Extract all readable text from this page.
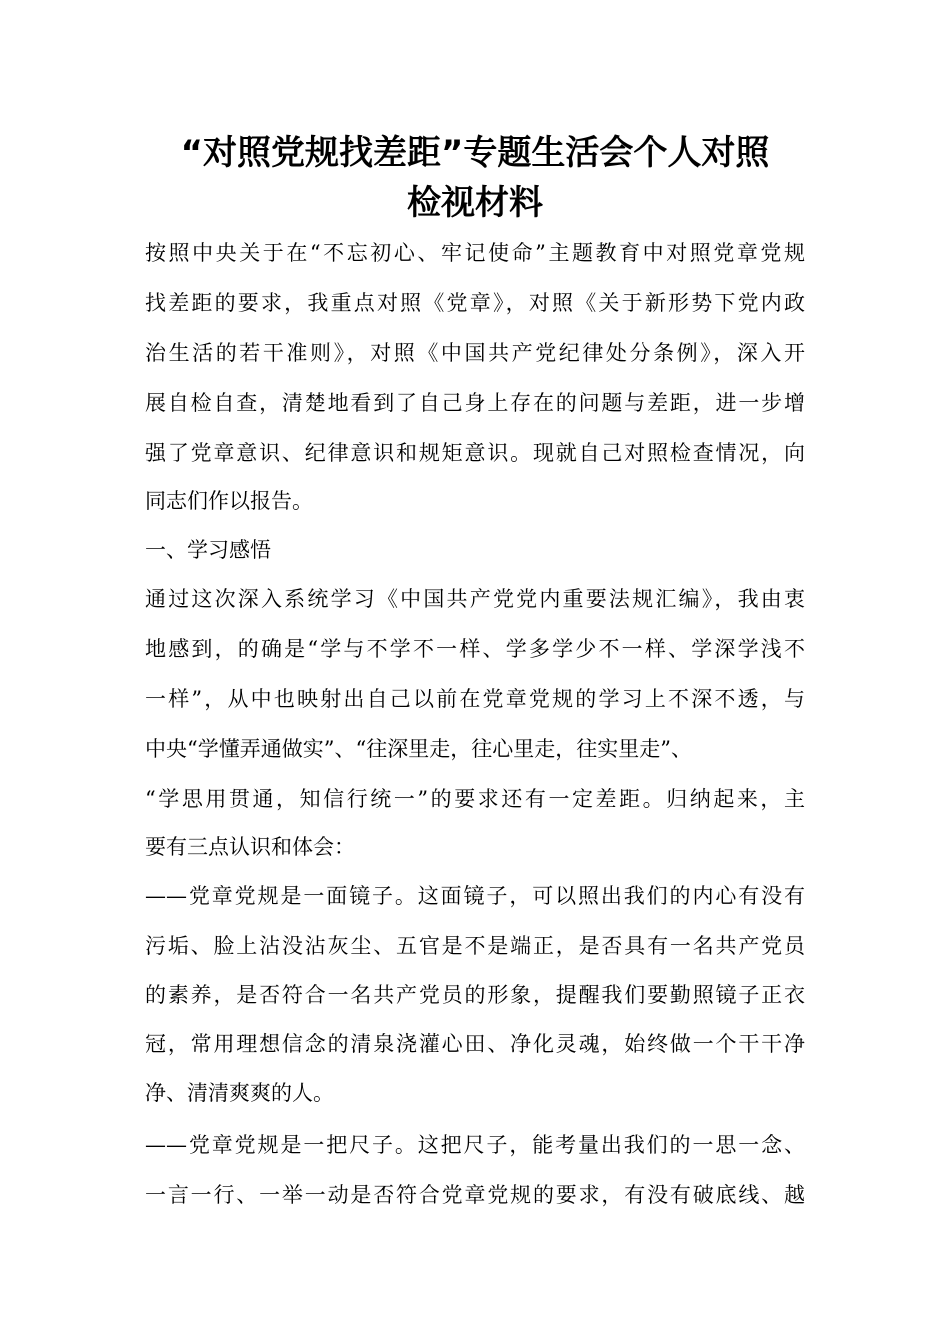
“对照党规找差距”专题生活会个人对照
检视材料

按照中央关于在“不忘初心、牢记使命”主题教育中对照党章党规

找差距的要求，我重点对照《党章》，对照《关于新形势下党内政

治生活的若干准则》，对照《中国共产党纪律处分条例》，深入开

展自检自查，清楚地看到了自己身上存在的问题与差距，进一步增

强了党章意识、纪律意识和规矩意识。现就自己对照检查情况，向

同志们作以报告。

一、学习感悟

通过这次深入系统学习《中国共产党党内重要法规汇编》，我由衷

地感到，的确是“学与不学不一样、学多学少不一样、学深学浅不

一样”，从中也映射出自己以前在党章党规的学习上不深不透，与

中央“学懂弄通做实”、“往深里走，往心里走，往实里走”、

“学思用贯通，知信行统一”的要求还有一定差距。归纳起来，主

要有三点认识和体会：

——党章党规是一面镜子。这面镜子，可以照出我们的内心有没有

污垢、脸上沾没沾灰尘、五官是不是端正，是否具有一名共产党员

的素养，是否符合一名共产党员的形象，提醒我们要勤照镜子正衣

冠，常用理想信念的清泉浇灌心田、净化灵魂，始终做一个干干净

净、清清爽爽的人。

——党章党规是一把尺子。这把尺子，能考量出我们的一思一念、

一言一行、一举一动是否符合党章党规的要求，有没有破底线、越
